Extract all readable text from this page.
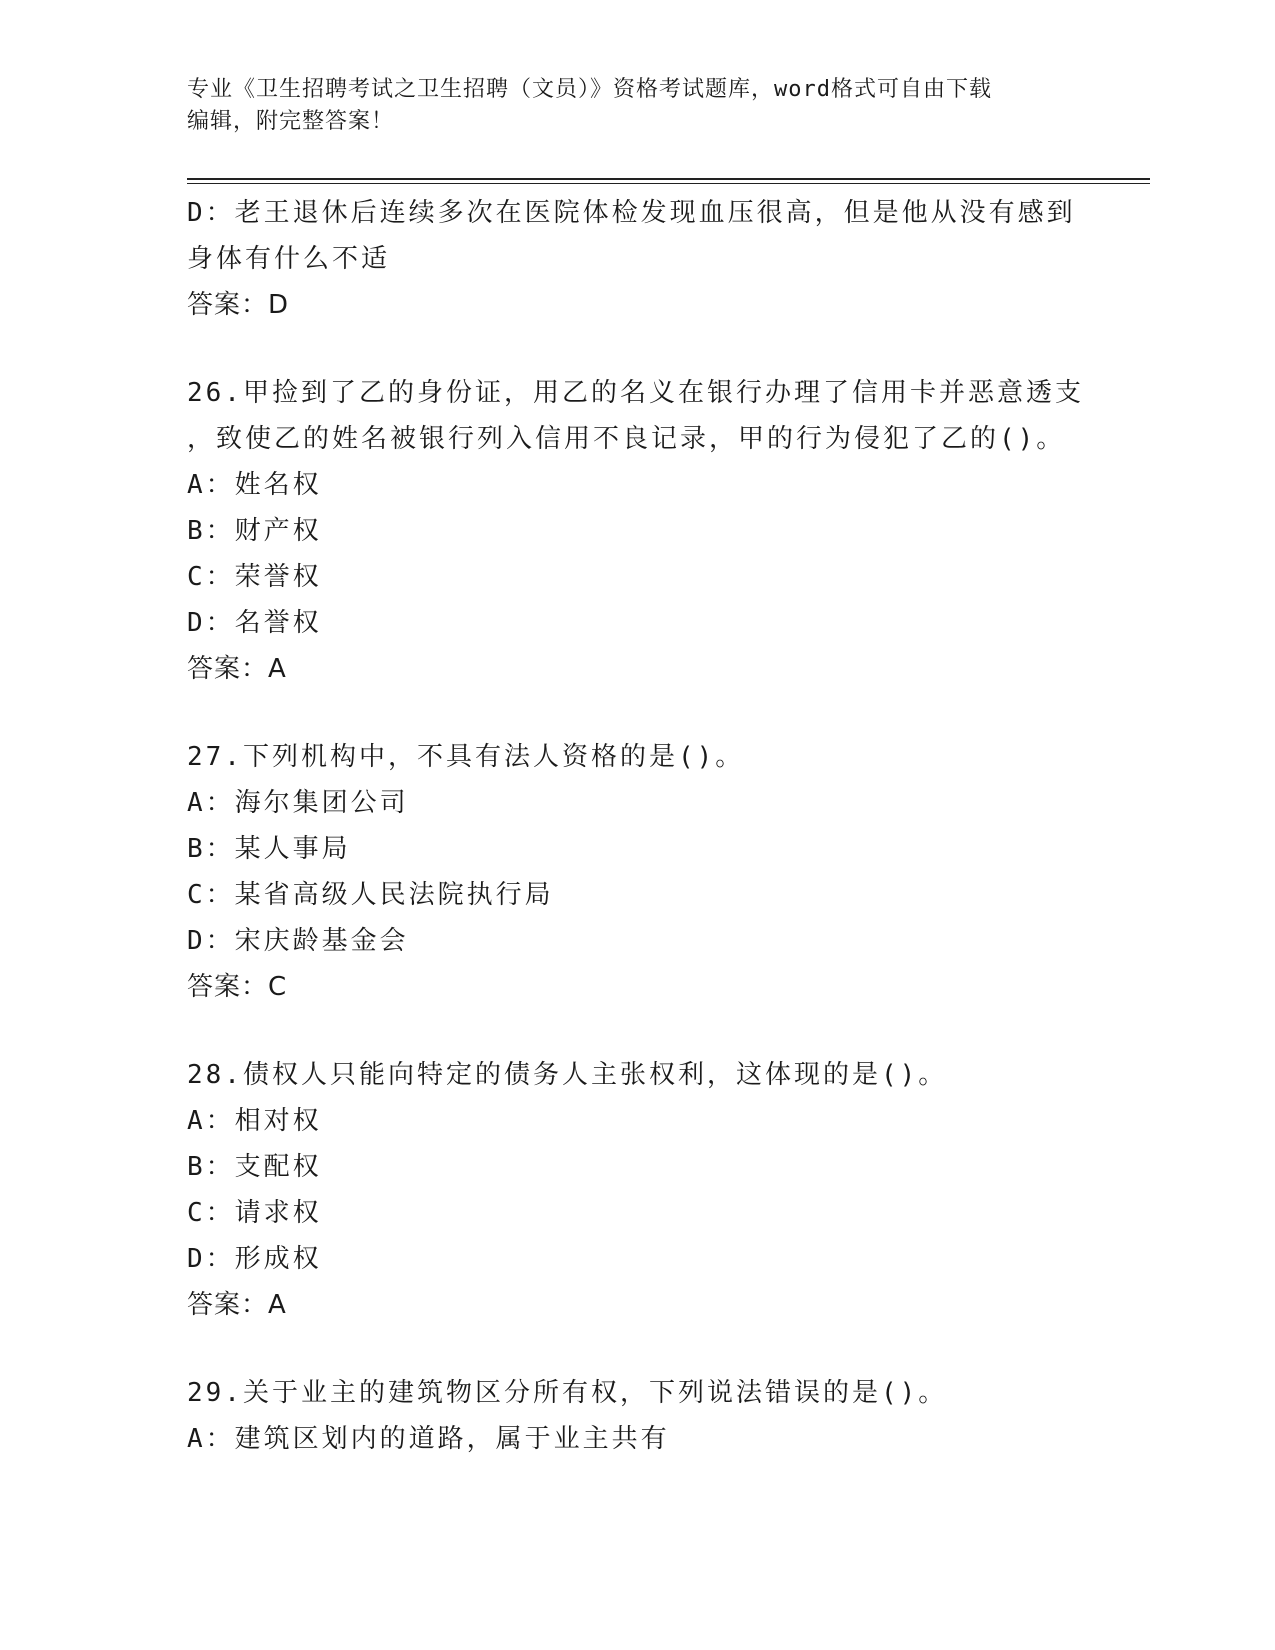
专业《卫生招聘考试之卫生招聘（文员）》资格考试题库，word格式可自由下载
编辑，附完整答案！
D：老王退休后连续多次在医院体检发现血压很高，但是他从没有感到
身体有什么不适
答案：D
26.甲捡到了乙的身份证，用乙的名义在银行办理了信用卡并恶意透支
，致使乙的姓名被银行列入信用不良记录，甲的行为侵犯了乙的()。
A：姓名权
B：财产权
C：荣誉权
D：名誉权
答案：A
27.下列机构中，不具有法人资格的是()。
A：海尔集团公司
B：某人事局
C：某省高级人民法院执行局
D：宋庆龄基金会
答案：C
28.债权人只能向特定的债务人主张权利，这体现的是()。
A：相对权
B：支配权
C：请求权
D：形成权
答案：A
29.关于业主的建筑物区分所有权，下列说法错误的是()。
A：建筑区划内的道路，属于业主共有
